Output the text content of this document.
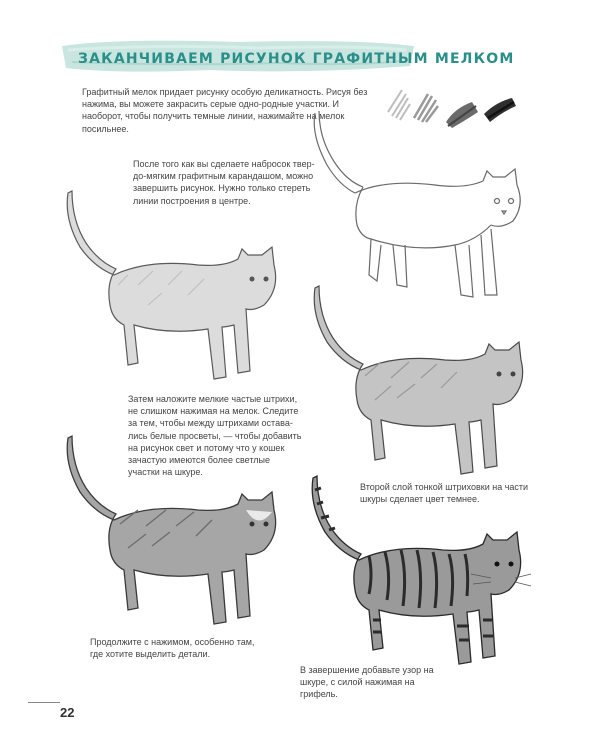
ЗАКАНЧИВАЕМ РИСУНОК ГРАФИТНЫМ МЕЛКОМ
Графитный мелок придает рисунку особую деликатность. Рисуя без нажима, вы можете закрасить серые одно-родные участки. И наоборот, чтобы получить темные линии, нажимайте на мелок посильнее.
После того как вы сделаете набросок твер-до-мягким графитным карандашом, можно завершить рисунок. Нужно только стереть линии построения в центре.
Затем наложите мелкие частые штрихи, не слишком нажимая на мелок. Следите за тем, чтобы между штрихами оставa-лись белые просветы, — чтобы добавить на рисунок свет и потому что у кошек зачастую имеются более светлые участки на шкуре.
Второй слой тонкой штриховки на части шкуры сделает цвет темнее.
Продолжите с нажимом, особенно там, где хотите выделить детали.
В завершение добавьте узор на шкуре, с силой нажимая на грифель.
22
